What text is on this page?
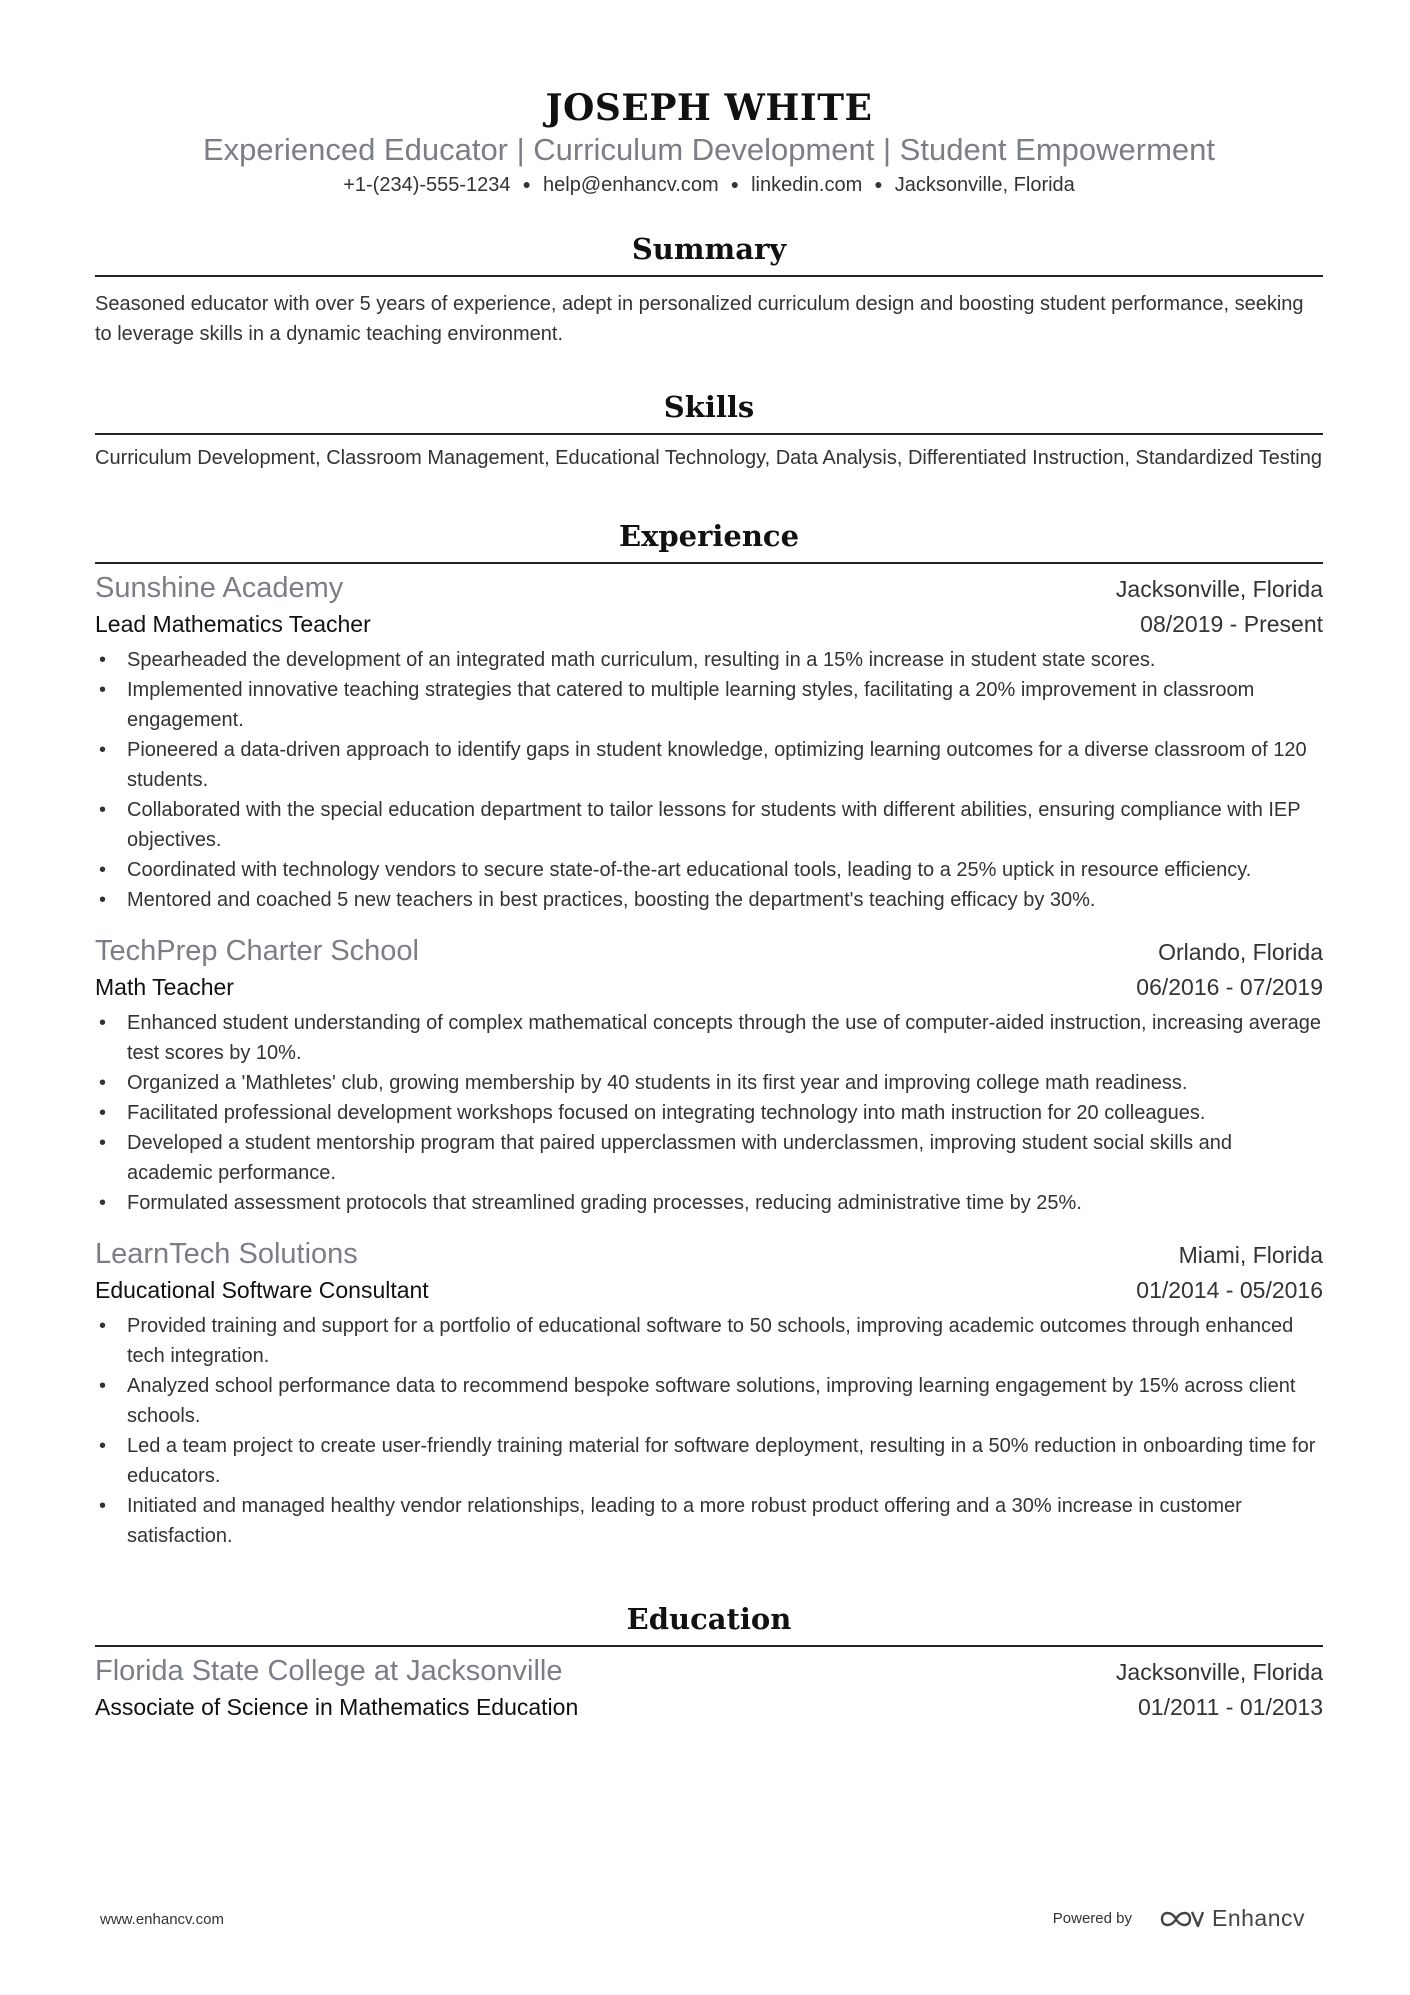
JOSEPH WHITE
Experienced Educator | Curriculum Development | Student Empowerment
+1-(234)-555-1234 ● help@enhancv.com ● linkedin.com ● Jacksonville, Florida
Summary
Seasoned educator with over 5 years of experience, adept in personalized curriculum design and boosting student performance, seeking to leverage skills in a dynamic teaching environment.
Skills
Curriculum Development, Classroom Management, Educational Technology, Data Analysis, Differentiated Instruction, Standardized Testing
Experience
Sunshine Academy	Jacksonville, Florida
Lead Mathematics Teacher	08/2019 - Present
• Spearheaded the development of an integrated math curriculum, resulting in a 15% increase in student state scores.
• Implemented innovative teaching strategies that catered to multiple learning styles, facilitating a 20% improvement in classroom engagement.
• Pioneered a data-driven approach to identify gaps in student knowledge, optimizing learning outcomes for a diverse classroom of 120 students.
• Collaborated with the special education department to tailor lessons for students with different abilities, ensuring compliance with IEP objectives.
• Coordinated with technology vendors to secure state-of-the-art educational tools, leading to a 25% uptick in resource efficiency.
• Mentored and coached 5 new teachers in best practices, boosting the department's teaching efficacy by 30%.
TechPrep Charter School	Orlando, Florida
Math Teacher	06/2016 - 07/2019
• Enhanced student understanding of complex mathematical concepts through the use of computer-aided instruction, increasing average test scores by 10%.
• Organized a 'Mathletes' club, growing membership by 40 students in its first year and improving college math readiness.
• Facilitated professional development workshops focused on integrating technology into math instruction for 20 colleagues.
• Developed a student mentorship program that paired upperclassmen with underclassmen, improving student social skills and academic performance.
• Formulated assessment protocols that streamlined grading processes, reducing administrative time by 25%.
LearnTech Solutions	Miami, Florida
Educational Software Consultant	01/2014 - 05/2016
• Provided training and support for a portfolio of educational software to 50 schools, improving academic outcomes through enhanced tech integration.
• Analyzed school performance data to recommend bespoke software solutions, improving learning engagement by 15% across client schools.
• Led a team project to create user-friendly training material for software deployment, resulting in a 50% reduction in onboarding time for educators.
• Initiated and managed healthy vendor relationships, leading to a more robust product offering and a 30% increase in customer satisfaction.
Education
Florida State College at Jacksonville	Jacksonville, Florida
Associate of Science in Mathematics Education	01/2011 - 01/2013
www.enhancv.com	Powered by	Enhancv
